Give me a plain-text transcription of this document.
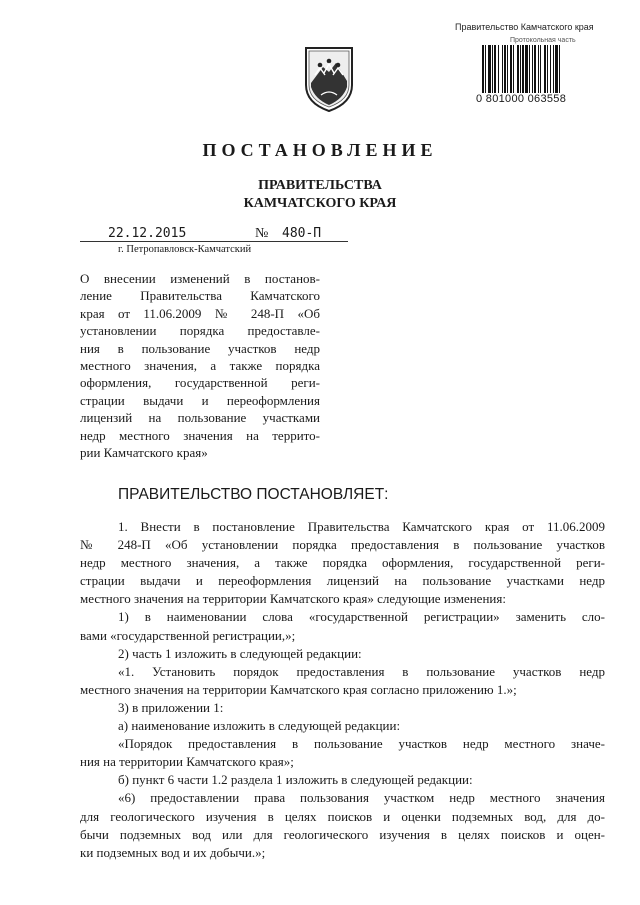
Правительство Камчатского края
Протокольная часть
0 801000 063558
ПОСТАНОВЛЕНИЕ
ПРАВИТЕЛЬСТВА
КАМЧАТСКОГО КРАЯ
22.12.2015	№ 480-П
г. Петропавловск-Камчатский
О внесении изменений в постанов-
ление Правительства Камчатского
края от 11.06.2009 № 248-П «Об
установлении порядка предоставле-
ния в пользование участков недр
местного значения, а также порядка
оформления, государственной реги-
страции выдачи и переоформления
лицензий на пользование участками
недр местного значения на террито-
рии Камчатского края»
ПРАВИТЕЛЬСТВО ПОСТАНОВЛЯЕТ:
1. Внести в постановление Правительства Камчатского края от 11.06.2009
№ 248-П «Об установлении порядка предоставления в пользование участков
недр местного значения, а также порядка оформления, государственной реги-
страции выдачи и переоформления лицензий на пользование участками недр
местного значения на территории Камчатского края» следующие изменения:
1) в наименовании слова «государственной регистрации» заменить сло-
вами «государственной регистрации,»;
2) часть 1 изложить в следующей редакции:
«1. Установить порядок предоставления в пользование участков недр
местного значения на территории Камчатского края согласно приложению 1.»;
3) в приложении 1:
а) наименование изложить в следующей редакции:
«Порядок предоставления в пользование участков недр местного значе-
ния на территории Камчатского края»;
б) пункт 6 части 1.2 раздела 1 изложить в следующей редакции:
«6) предоставлении права пользования участком недр местного значения
для геологического изучения в целях поисков и оценки подземных вод, для до-
бычи подземных вод или для геологического изучения в целях поисков и оцен-
ки подземных вод и их добычи.»;
